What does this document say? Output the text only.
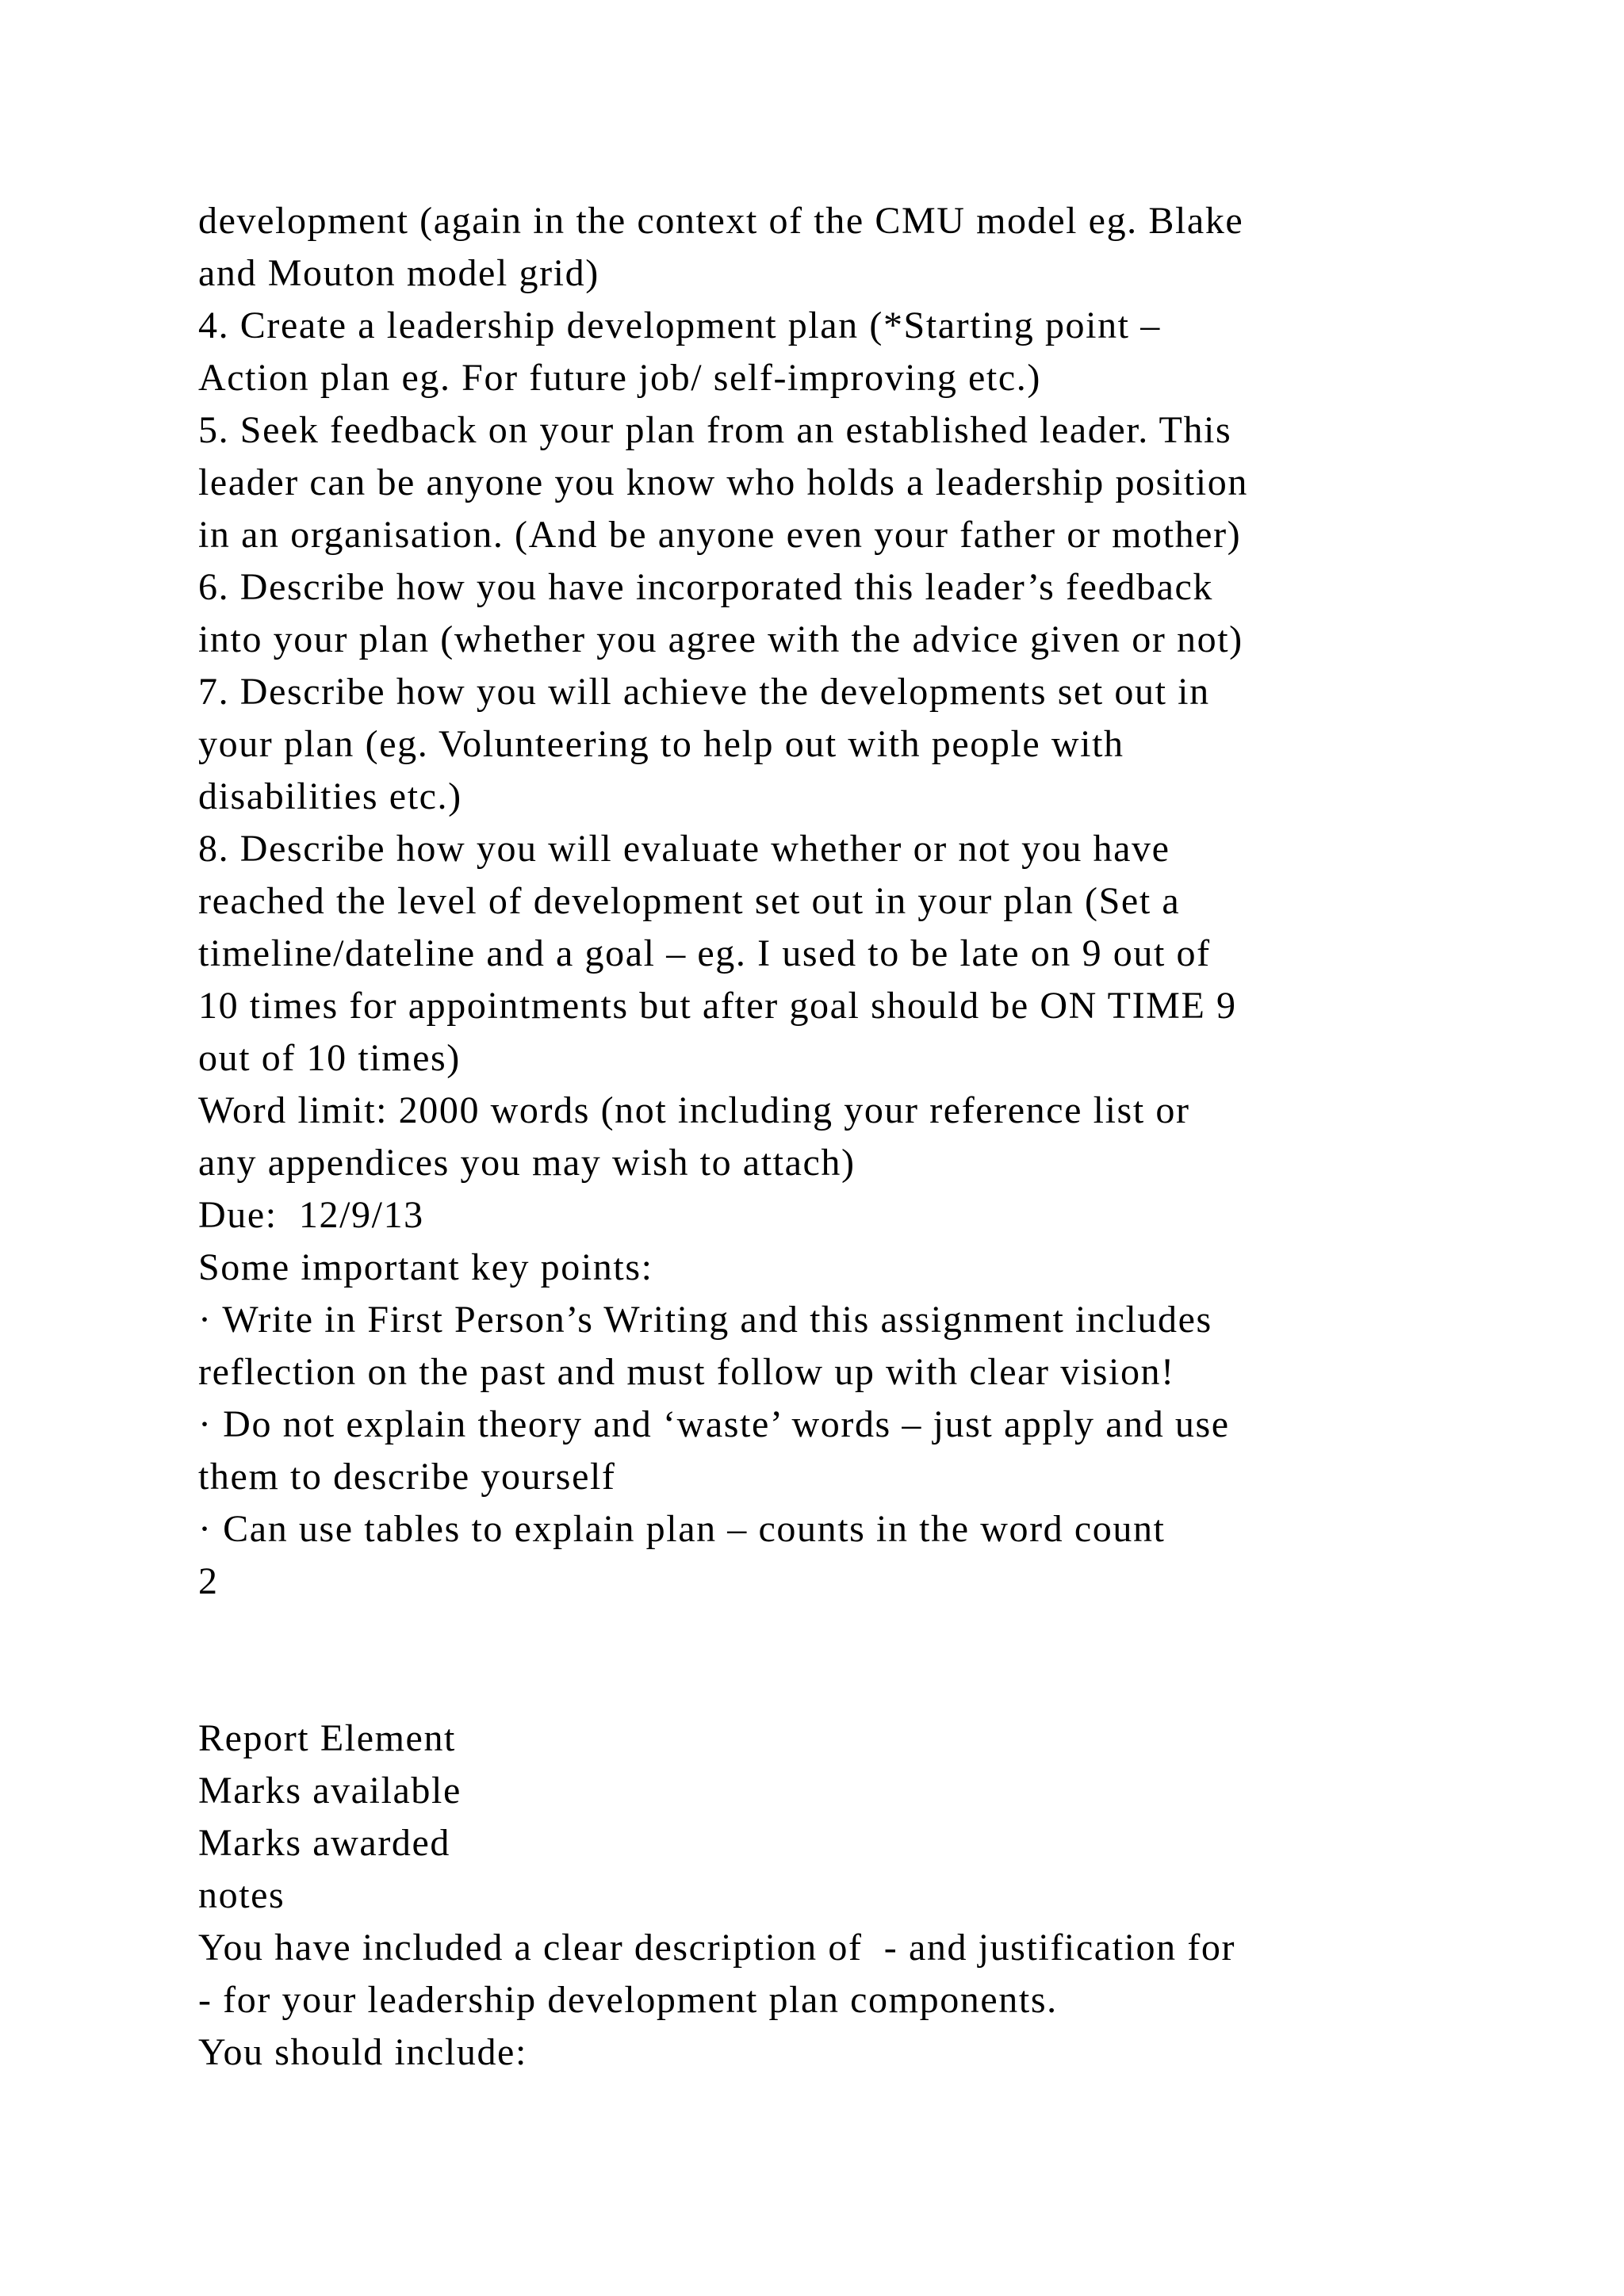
development (again in the context of the CMU model eg. Blake
and Mouton model grid)
4. Create a leadership development plan (*Starting point –
Action plan eg. For future job/ self-improving etc.)
5. Seek feedback on your plan from an established leader. This
leader can be anyone you know who holds a leadership position
in an organisation. (And be anyone even your father or mother)
6. Describe how you have incorporated this leader’s feedback
into your plan (whether you agree with the advice given or not)
7. Describe how you will achieve the developments set out in
your plan (eg. Volunteering to help out with people with
disabilities etc.)
8. Describe how you will evaluate whether or not you have
reached the level of development set out in your plan (Set a
timeline/dateline and a goal – eg. I used to be late on 9 out of
10 times for appointments but after goal should be ON TIME 9
out of 10 times)
Word limit: 2000 words (not including your reference list or
any appendices you may wish to attach)
Due:  12/9/13
Some important key points:
· Write in First Person’s Writing and this assignment includes
reflection on the past and must follow up with clear vision!
· Do not explain theory and ‘waste’ words – just apply and use
them to describe yourself
· Can use tables to explain plan – counts in the word count
2
Report Element
Marks available
Marks awarded
notes
You have included a clear description of  - and justification for
- for your leadership development plan components.
You should include:
